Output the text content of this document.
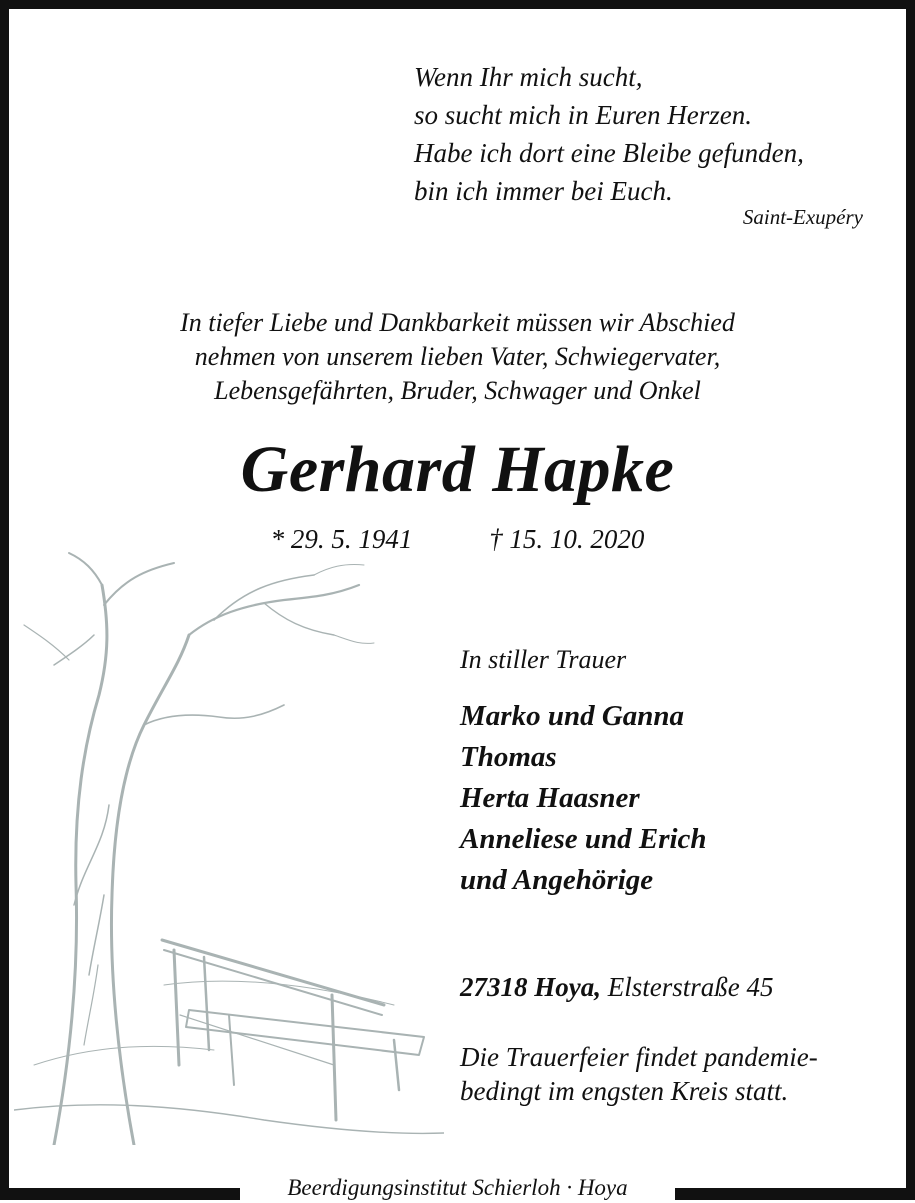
Wenn Ihr mich sucht,
so sucht mich in Euren Herzen.
Habe ich dort eine Bleibe gefunden,
bin ich immer bei Euch.
Saint-Exupéry
In tiefer Liebe und Dankbarkeit müssen wir Abschied
nehmen von unserem lieben Vater, Schwiegervater,
Lebensgefährten, Bruder, Schwager und Onkel
Gerhard Hapke
* 29. 5. 1941	† 15. 10. 2020
In stiller Trauer
Marko und Ganna
Thomas
Herta Haasner
Anneliese und Erich
und Angehörige
27318 Hoya, Elsterstraße 45
Die Trauerfeier findet pandemie-
bedingt im engsten Kreis statt.
Beerdigungsinstitut Schierloh · Hoya
